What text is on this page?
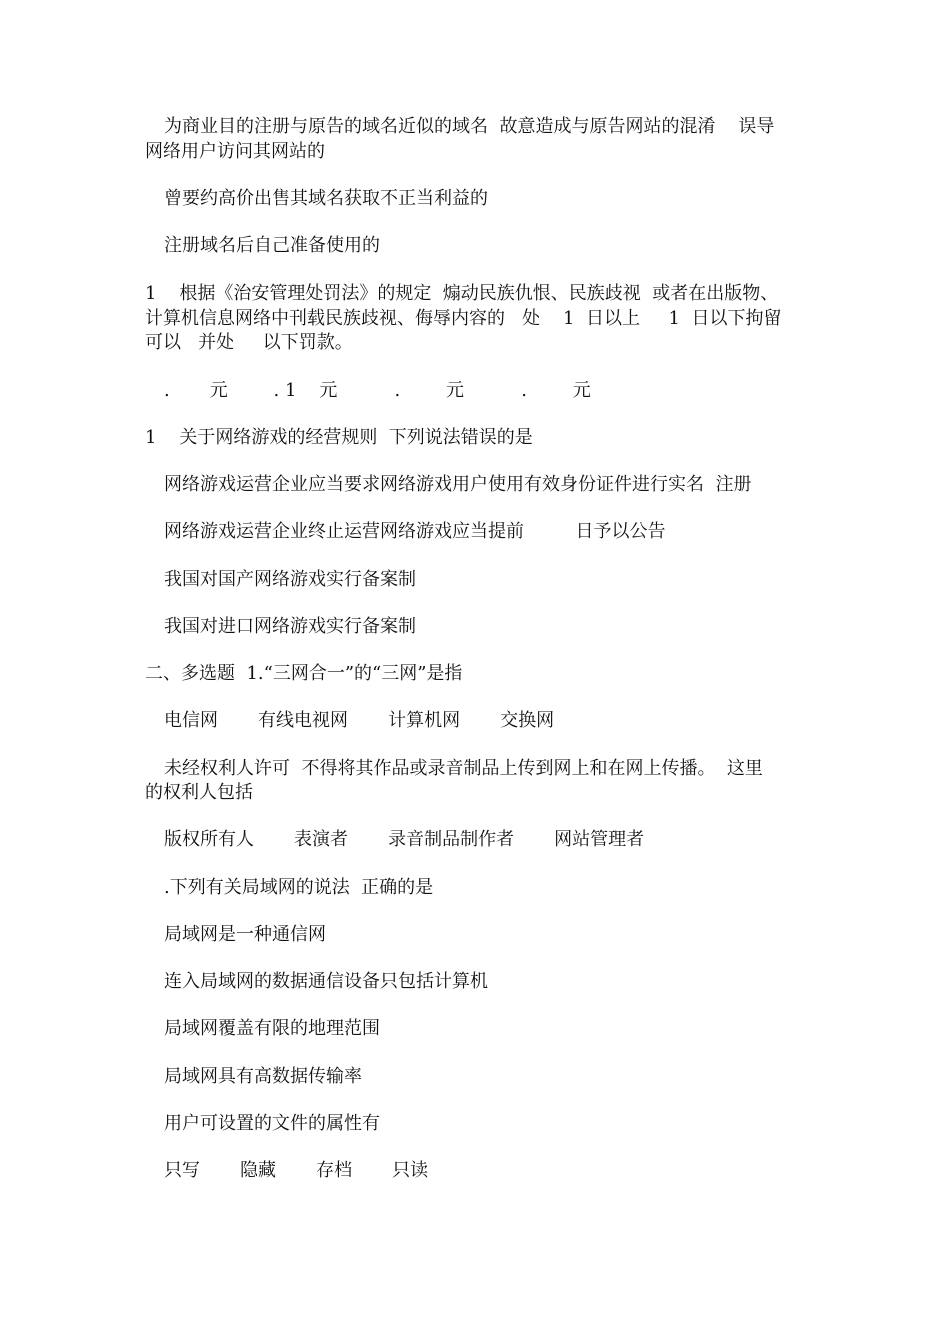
为商业目的注册与原告的域名近似的域名  故意造成与原告网站的混淆    误导
网络用户访问其网站的
曾要约高价出售其域名获取不正当利益的
注册域名后自己准备使用的
1    根据《治安管理处罚法》的规定  煽动民族仇恨、民族歧视  或者在出版物、
计算机信息网络中刊载民族歧视、侮辱内容的   处    1  日以上     1  日以下拘留
可以   并处     以下罚款。
.       元        . 1    元          .        元          .        元
1    关于网络游戏的经营规则  下列说法错误的是
网络游戏运营企业应当要求网络游戏用户使用有效身份证件进行实名  注册
网络游戏运营企业终止运营网络游戏应当提前         日予以公告
我国对国产网络游戏实行备案制
我国对进口网络游戏实行备案制
二、多选题  1.“三网合一”的“三网”是指
电信网       有线电视网       计算机网       交换网
未经权利人许可  不得将其作品或录音制品上传到网上和在网上传播。  这里
的权利人包括
版权所有人       表演者       录音制品制作者       网站管理者
.下列有关局域网的说法  正确的是
局域网是一种通信网
连入局域网的数据通信设备只包括计算机
局域网覆盖有限的地理范围
局域网具有高数据传输率
用户可设置的文件的属性有
只写       隐藏       存档       只读
